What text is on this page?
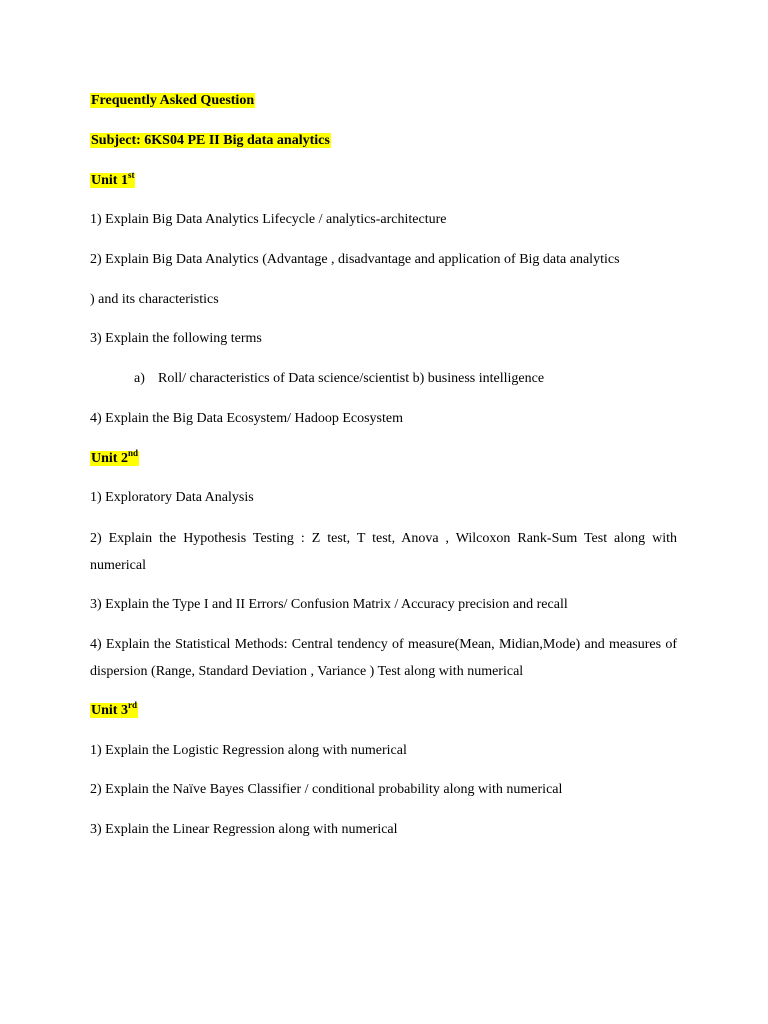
Frequently Asked Question

Subject: 6KS04 PE II Big data analytics

Unit 1st

1) Explain Big Data Analytics Lifecycle / analytics-architecture

2) Explain Big Data Analytics (Advantage , disadvantage and application of Big data analytics

) and its characteristics

3) Explain the following terms

a) Roll/ characteristics of Data science/scientist b) business intelligence

4) Explain the Big Data Ecosystem/ Hadoop Ecosystem

Unit 2nd

1) Exploratory Data Analysis

2) Explain the Hypothesis Testing : Z test, T test, Anova , Wilcoxon Rank-Sum Test along with numerical

3) Explain the Type I and II Errors/ Confusion Matrix / Accuracy precision and recall

4) Explain the Statistical Methods: Central tendency of measure(Mean, Midian,Mode) and measures of dispersion (Range, Standard Deviation , Variance ) Test along with numerical

Unit 3rd

1) Explain the Logistic Regression along with numerical

2) Explain the Naïve Bayes Classifier / conditional probability along with numerical

3) Explain the Linear Regression along with numerical
